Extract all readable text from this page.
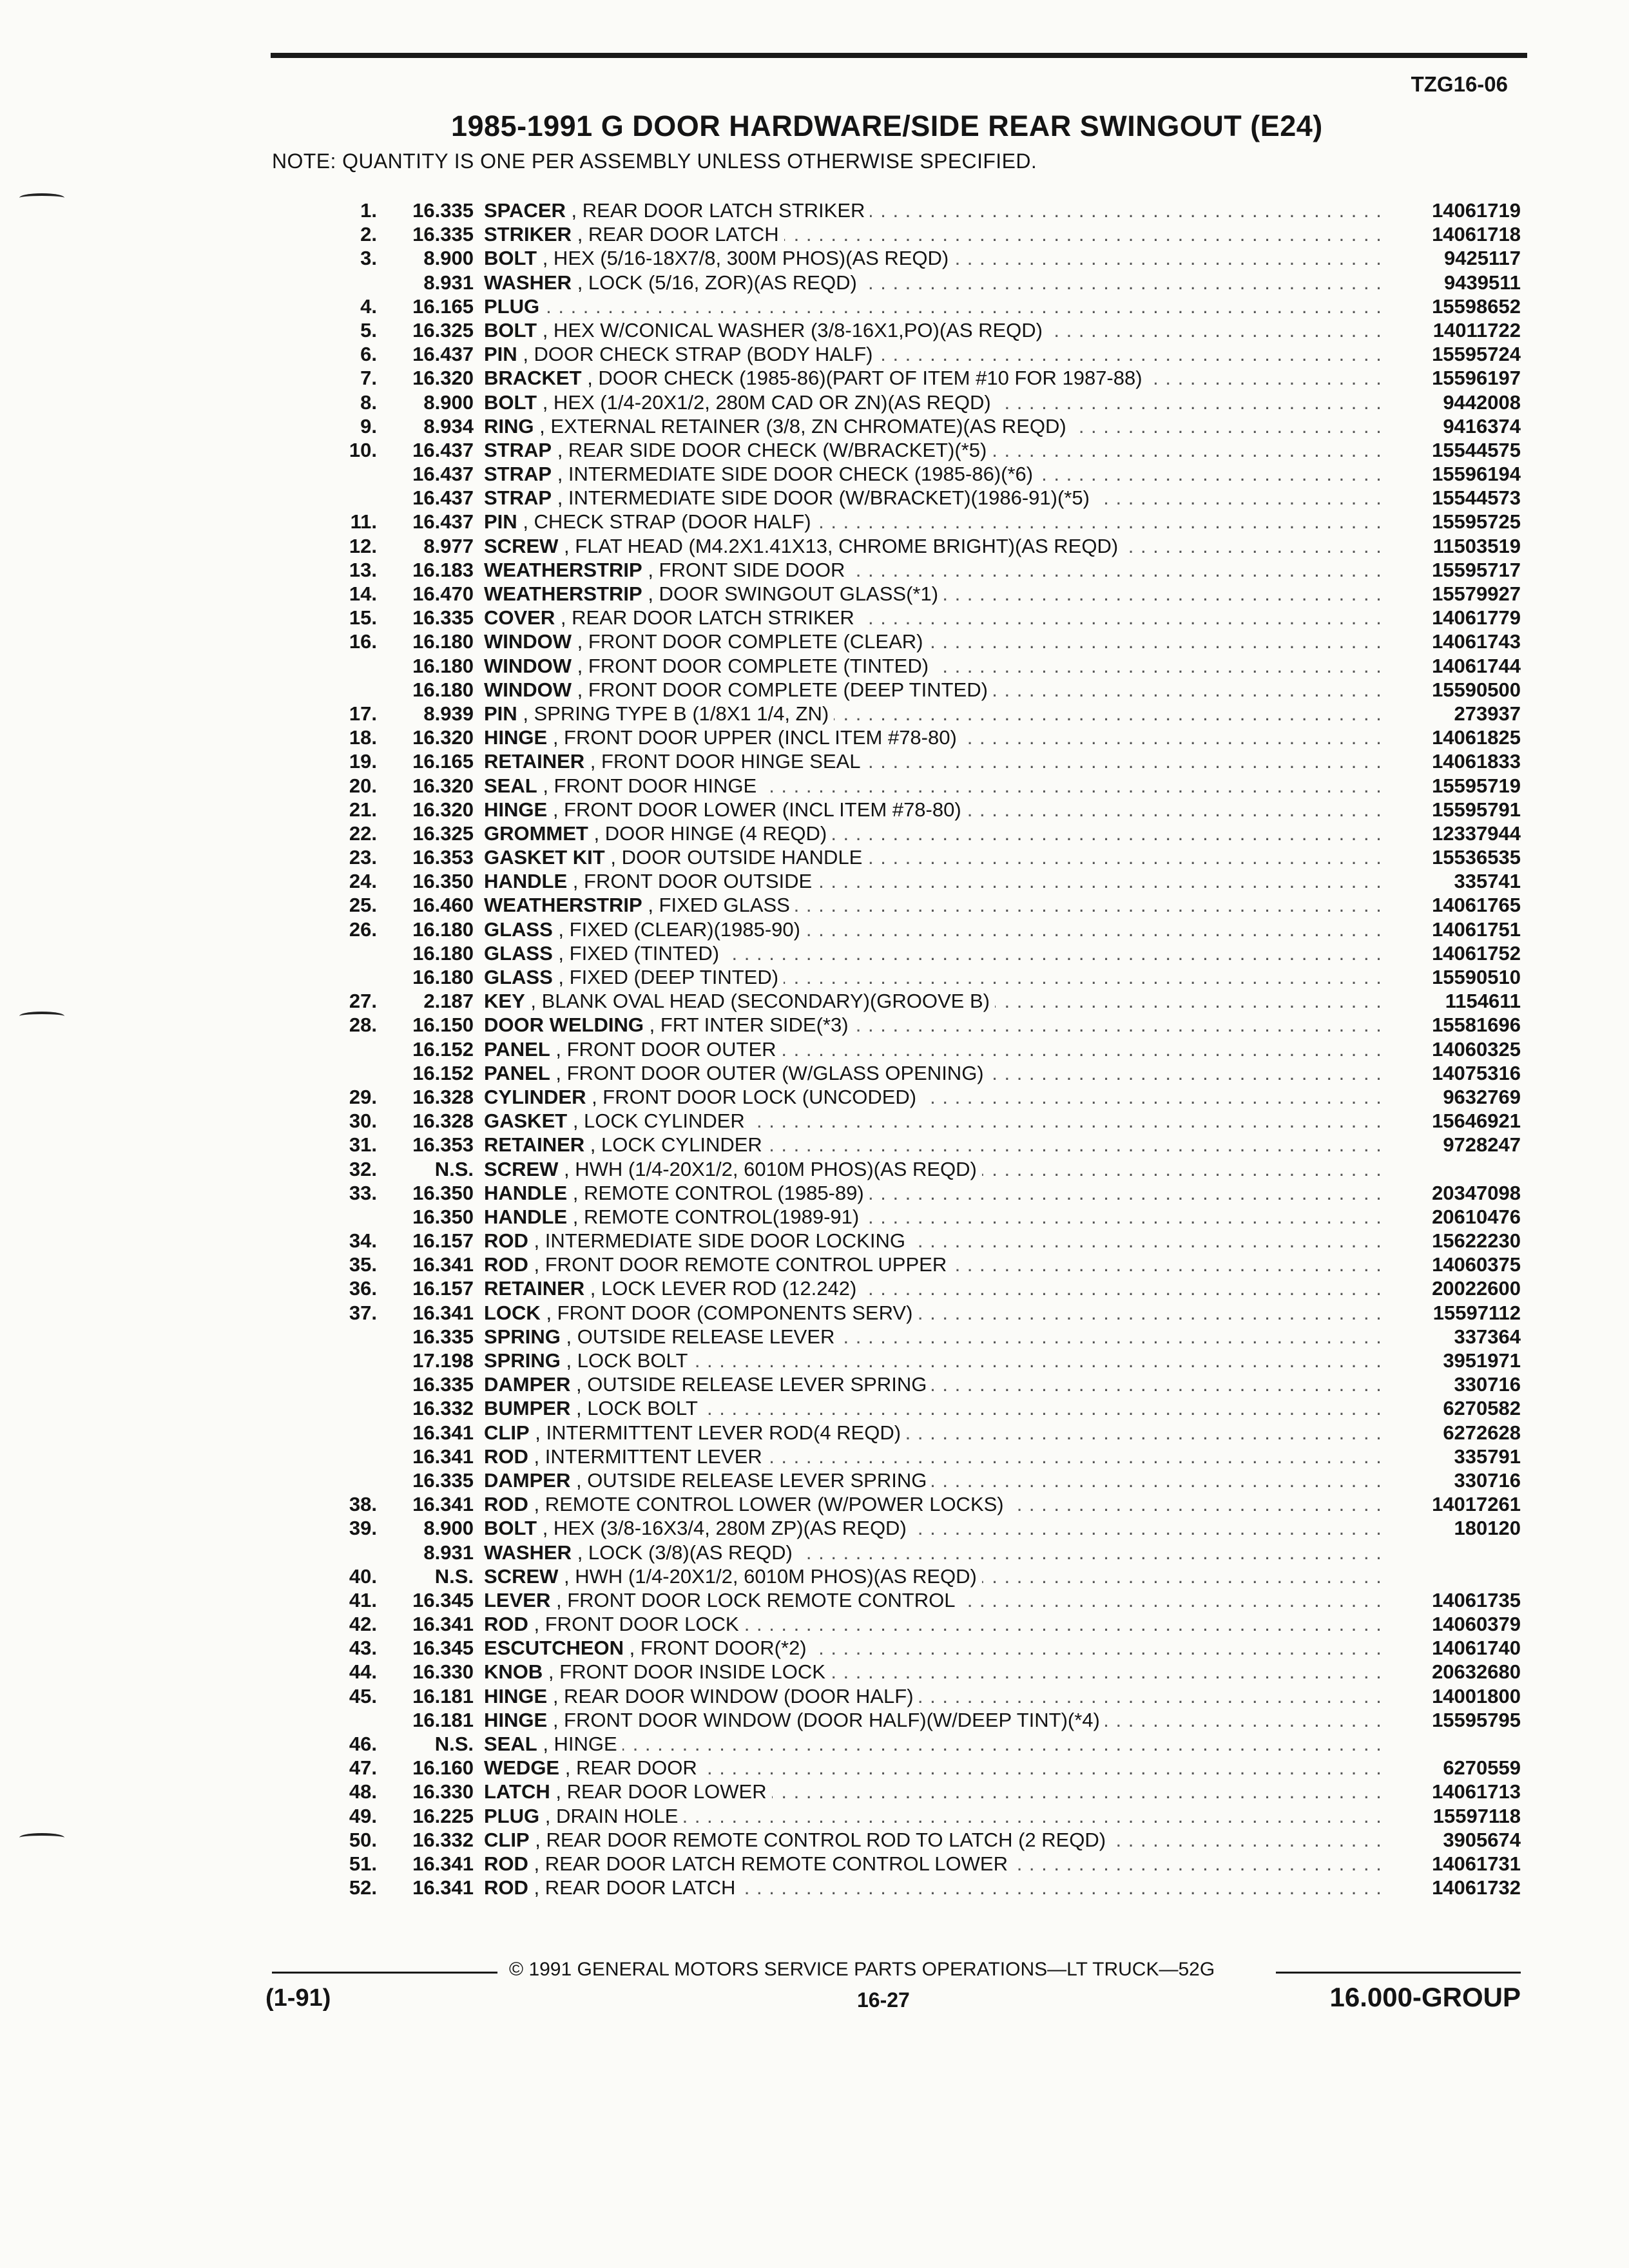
TZG16-06
1985-1991 G DOOR HARDWARE/SIDE REAR SWINGOUT (E24)
NOTE: QUANTITY IS ONE PER ASSEMBLY UNLESS OTHERWISE SPECIFIED.
1.	16.335 SPACER , REAR DOOR LATCH STRIKER . . .	14061719
2.	16.335 STRIKER , REAR DOOR LATCH . . .	14061718
3.	8.900 BOLT , HEX (5/16-18X7/8, 300M PHOS)(AS REQD) . . .	9425117
8.931 WASHER , LOCK (5/16, ZOR)(AS REQD) . . .	9439511
4.	16.165 PLUG . . .	15598652
5.	16.325 BOLT , HEX W/CONICAL WASHER (3/8-16X1,PO)(AS REQD) . . .	14011722
6.	16.437 PIN , DOOR CHECK STRAP (BODY HALF) . . .	15595724
7.	16.320 BRACKET , DOOR CHECK (1985-86)(PART OF ITEM #10 FOR 1987-88) . . .	15596197
8.	8.900 BOLT , HEX (1/4-20X1/2, 280M CAD OR ZN)(AS REQD) . . .	9442008
9.	8.934 RING , EXTERNAL RETAINER (3/8, ZN CHROMATE)(AS REQD) . . .	9416374
10.	16.437 STRAP , REAR SIDE DOOR CHECK (W/BRACKET)(*5) . . .	15544575
16.437 STRAP , INTERMEDIATE SIDE DOOR CHECK (1985-86)(*6) . . .	15596194
16.437 STRAP , INTERMEDIATE SIDE DOOR (W/BRACKET)(1986-91)(*5) . . .	15544573
11.	16.437 PIN , CHECK STRAP (DOOR HALF) . . .	15595725
12.	8.977 SCREW , FLAT HEAD (M4.2X1.41X13, CHROME BRIGHT)(AS REQD) . . .	11503519
13.	16.183 WEATHERSTRIP , FRONT SIDE DOOR . . .	15595717
14.	16.470 WEATHERSTRIP , DOOR SWINGOUT GLASS(*1) . . .	15579927
15.	16.335 COVER , REAR DOOR LATCH STRIKER . . .	14061779
16.	16.180 WINDOW , FRONT DOOR COMPLETE (CLEAR) . . .	14061743
16.180 WINDOW , FRONT DOOR COMPLETE (TINTED) . . .	14061744
16.180 WINDOW , FRONT DOOR COMPLETE (DEEP TINTED) . . .	15590500
17.	8.939 PIN , SPRING TYPE B (1/8X1 1/4, ZN) . . .	273937
18.	16.320 HINGE , FRONT DOOR UPPER (INCL ITEM #78-80) . . .	14061825
19.	16.165 RETAINER , FRONT DOOR HINGE SEAL . . .	14061833
20.	16.320 SEAL , FRONT DOOR HINGE . . .	15595719
21.	16.320 HINGE , FRONT DOOR LOWER (INCL ITEM #78-80) . . .	15595791
22.	16.325 GROMMET , DOOR HINGE (4 REQD) . . .	12337944
23.	16.353 GASKET KIT , DOOR OUTSIDE HANDLE . . .	15536535
24.	16.350 HANDLE , FRONT DOOR OUTSIDE . . .	335741
25.	16.460 WEATHERSTRIP , FIXED GLASS . . .	14061765
26.	16.180 GLASS , FIXED (CLEAR)(1985-90) . . .	14061751
16.180 GLASS , FIXED (TINTED) . . .	14061752
16.180 GLASS , FIXED (DEEP TINTED) . . .	15590510
27.	2.187 KEY , BLANK OVAL HEAD (SECONDARY)(GROOVE B) . . .	1154611
28.	16.150 DOOR WELDING , FRT INTER SIDE(*3) . . .	15581696
16.152 PANEL , FRONT DOOR OUTER . . .	14060325
16.152 PANEL , FRONT DOOR OUTER (W/GLASS OPENING) . . .	14075316
29.	16.328 CYLINDER , FRONT DOOR LOCK (UNCODED) . . .	9632769
30.	16.328 GASKET , LOCK CYLINDER . . .	15646921
31.	16.353 RETAINER , LOCK CYLINDER . . .	9728247
32.	N.S. SCREW , HWH (1/4-20X1/2, 6010M PHOS)(AS REQD) . . .
33.	16.350 HANDLE , REMOTE CONTROL (1985-89) . . .	20347098
16.350 HANDLE , REMOTE CONTROL(1989-91) . . .	20610476
34.	16.157 ROD , INTERMEDIATE SIDE DOOR LOCKING . . .	15622230
35.	16.341 ROD , FRONT DOOR REMOTE CONTROL UPPER . . .	14060375
36.	16.157 RETAINER , LOCK LEVER ROD (12.242) . . .	20022600
37.	16.341 LOCK , FRONT DOOR (COMPONENTS SERV) . . .	15597112
16.335 SPRING , OUTSIDE RELEASE LEVER . . .	337364
17.198 SPRING , LOCK BOLT . . .	3951971
16.335 DAMPER , OUTSIDE RELEASE LEVER SPRING . . .	330716
16.332 BUMPER , LOCK BOLT . . .	6270582
16.341 CLIP , INTERMITTENT LEVER ROD(4 REQD) . . .	6272628
16.341 ROD , INTERMITTENT LEVER . . .	335791
16.335 DAMPER , OUTSIDE RELEASE LEVER SPRING . . .	330716
38.	16.341 ROD , REMOTE CONTROL LOWER (W/POWER LOCKS) . . .	14017261
39.	8.900 BOLT , HEX (3/8-16X3/4, 280M ZP)(AS REQD) . . .	180120
8.931 WASHER , LOCK (3/8)(AS REQD) . . .
40.	N.S. SCREW , HWH (1/4-20X1/2, 6010M PHOS)(AS REQD) . . .
41.	16.345 LEVER , FRONT DOOR LOCK REMOTE CONTROL . . .	14061735
42.	16.341 ROD , FRONT DOOR LOCK . . .	14060379
43.	16.345 ESCUTCHEON , FRONT DOOR(*2) . . .	14061740
44.	16.330 KNOB , FRONT DOOR INSIDE LOCK . . .	20632680
45.	16.181 HINGE , REAR DOOR WINDOW (DOOR HALF) . . .	14001800
16.181 HINGE , FRONT DOOR WINDOW (DOOR HALF)(W/DEEP TINT)(*4) . . .	15595795
46.	N.S. SEAL , HINGE . . .
47.	16.160 WEDGE , REAR DOOR . . .	6270559
48.	16.330 LATCH , REAR DOOR LOWER . . .	14061713
49.	16.225 PLUG , DRAIN HOLE . . .	15597118
50.	16.332 CLIP , REAR DOOR REMOTE CONTROL ROD TO LATCH (2 REQD) . . .	3905674
51.	16.341 ROD , REAR DOOR LATCH REMOTE CONTROL LOWER . . .	14061731
52.	16.341 ROD , REAR DOOR LATCH . . .	14061732
© 1991 GENERAL MOTORS SERVICE PARTS OPERATIONS—LT TRUCK—52G
(1-91)	16-27	16.000-GROUP
